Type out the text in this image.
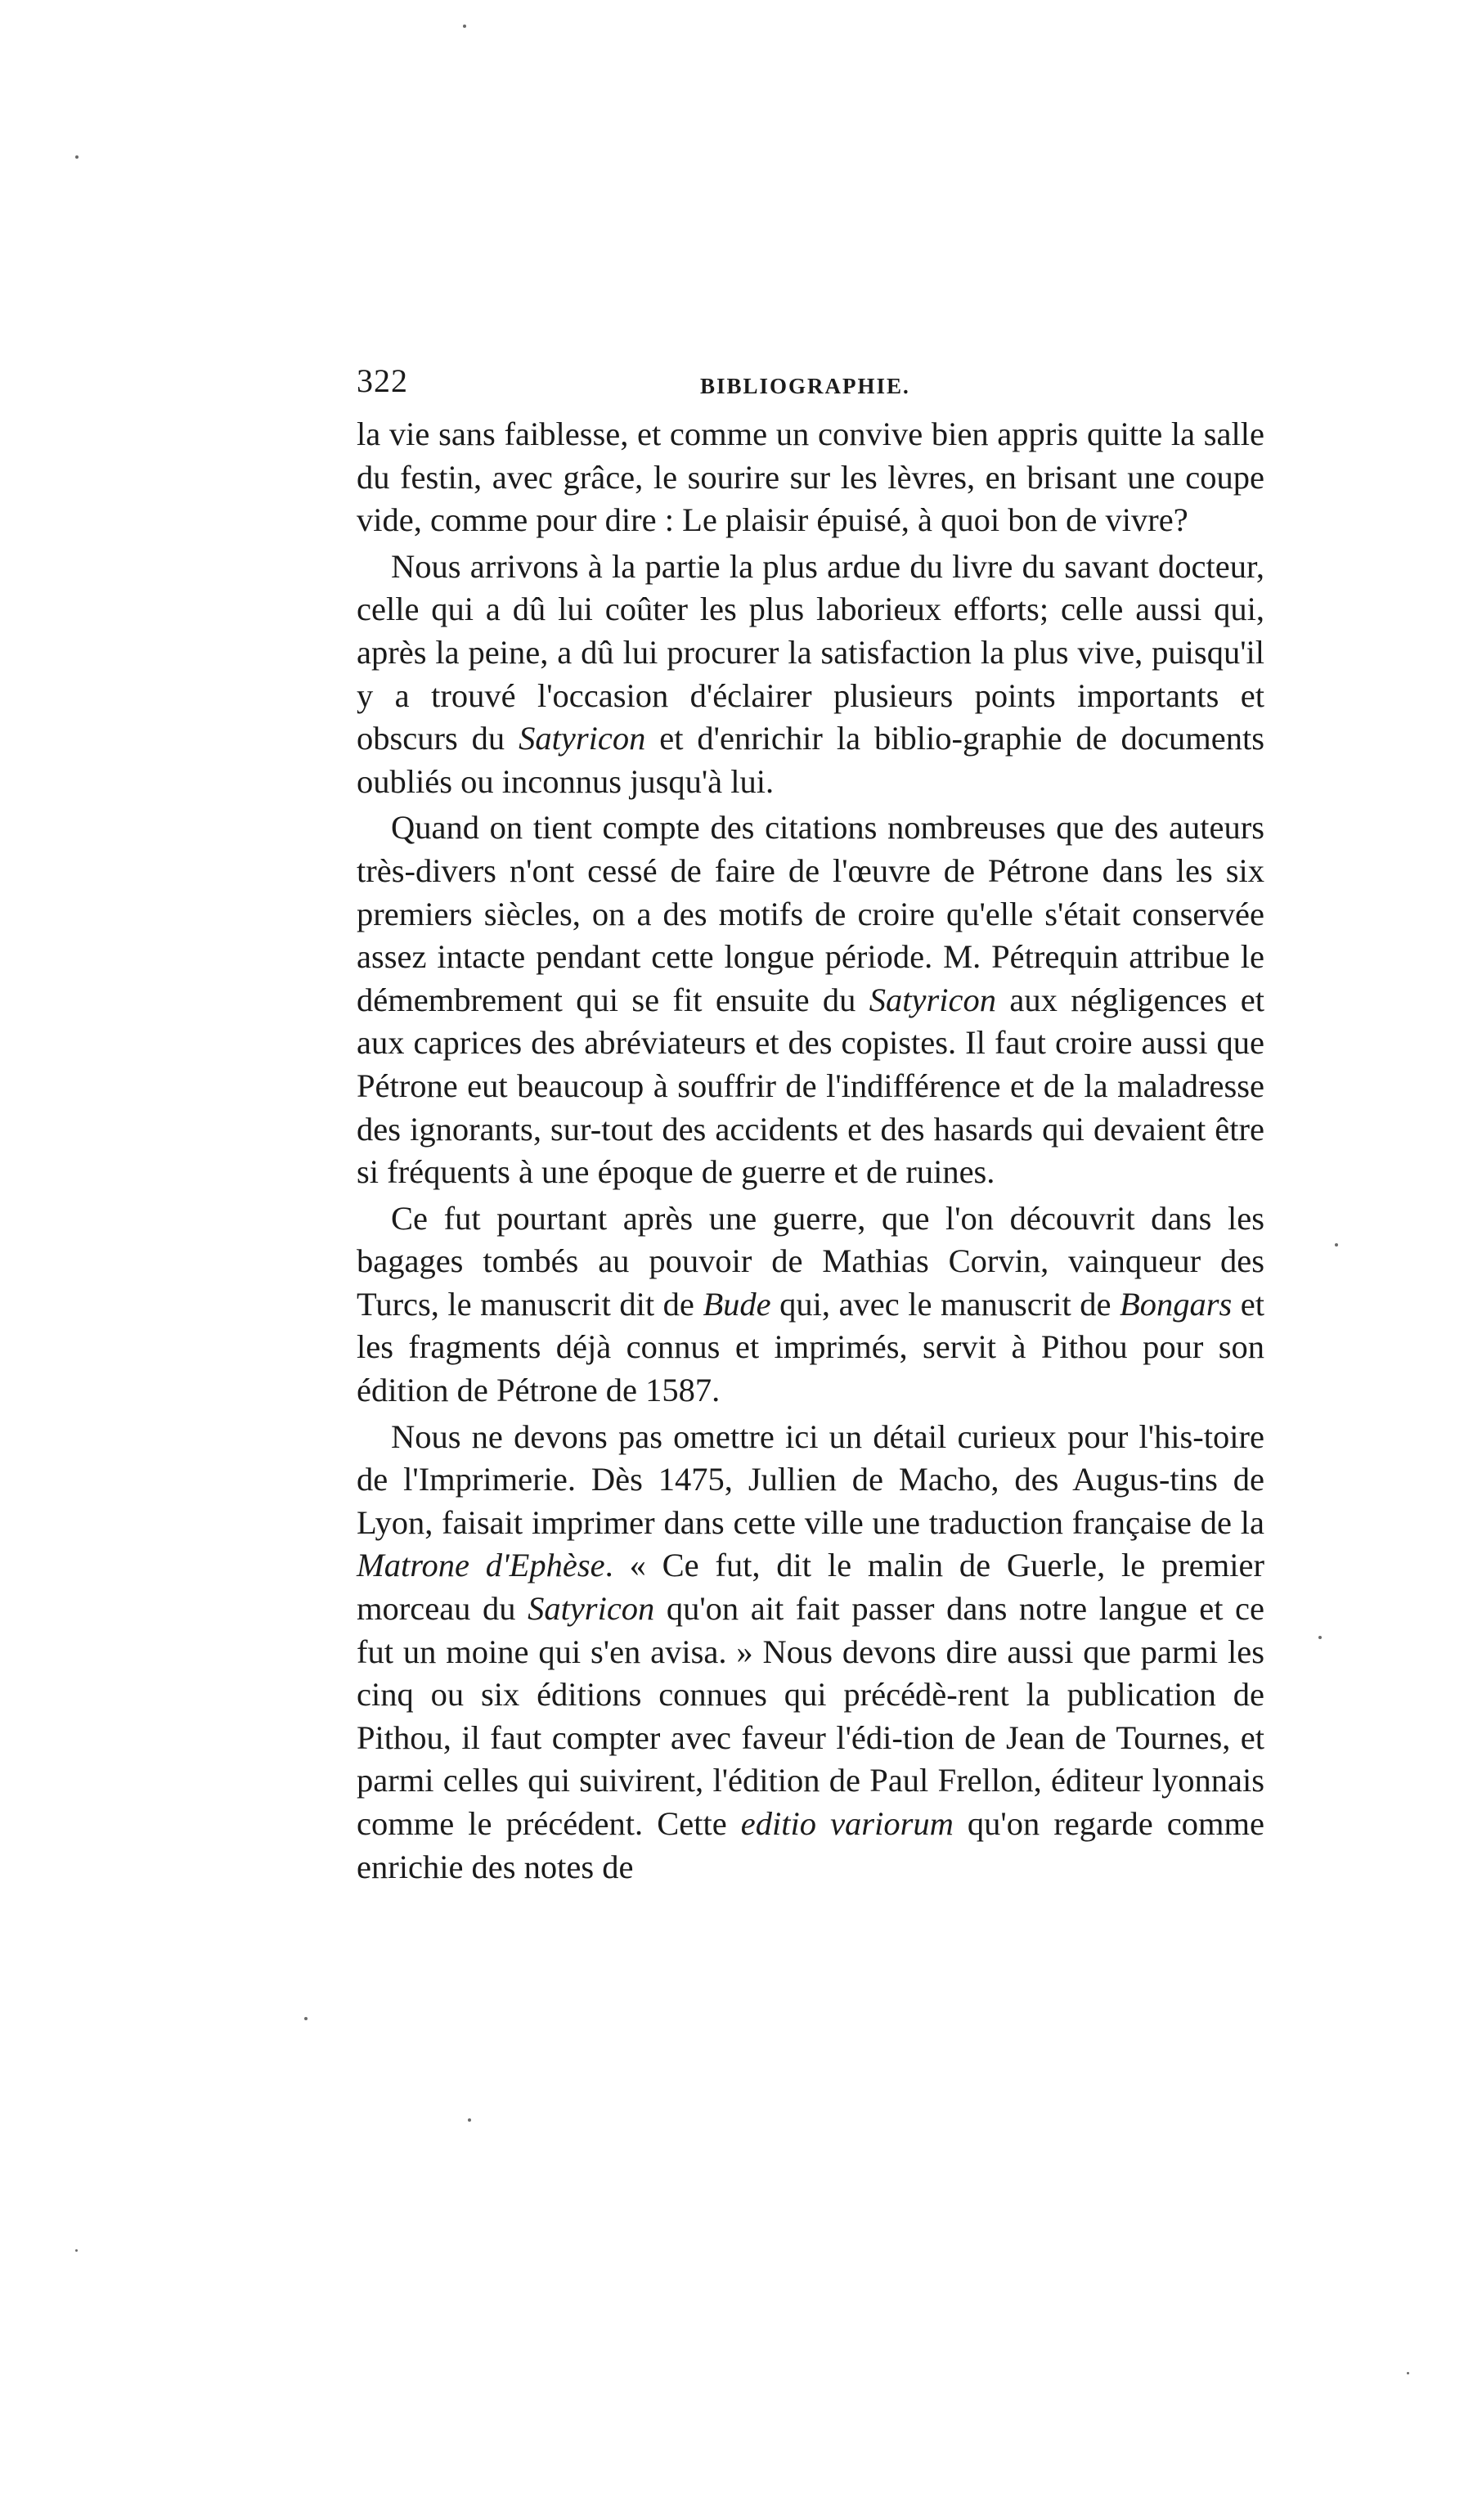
322	BIBLIOGRAPHIE.

la vie sans faiblesse, et comme un convive bien appris quitte la salle du festin, avec grâce, le sourire sur les lèvres, en brisant une coupe vide, comme pour dire : Le plaisir épuisé, à quoi bon de vivre?

Nous arrivons à la partie la plus ardue du livre du savant docteur, celle qui a dû lui coûter les plus laborieux efforts; celle aussi qui, après la peine, a dû lui procurer la satisfaction la plus vive, puisqu'il y a trouvé l'occasion d'éclairer plusieurs points importants et obscurs du Satyricon et d'enrichir la biblio-graphie de documents oubliés ou inconnus jusqu'à lui.

Quand on tient compte des citations nombreuses que des auteurs très-divers n'ont cessé de faire de l'œuvre de Pétrone dans les six premiers siècles, on a des motifs de croire qu'elle s'était conservée assez intacte pendant cette longue période. M. Pétrequin attribue le démembrement qui se fit ensuite du Satyricon aux négligences et aux caprices des abréviateurs et des copistes. Il faut croire aussi que Pétrone eut beaucoup à souffrir de l'indifférence et de la maladresse des ignorants, sur-tout des accidents et des hasards qui devaient être si fréquents à une époque de guerre et de ruines.

Ce fut pourtant après une guerre, que l'on découvrit dans les bagages tombés au pouvoir de Mathias Corvin, vainqueur des Turcs, le manuscrit dit de Bude qui, avec le manuscrit de Bongars et les fragments déjà connus et imprimés, servit à Pithou pour son édition de Pétrone de 1587.

Nous ne devons pas omettre ici un détail curieux pour l'his-toire de l'Imprimerie. Dès 1475, Jullien de Macho, des Augus-tins de Lyon, faisait imprimer dans cette ville une traduction française de la Matrone d'Ephèse. « Ce fut, dit le malin de Guerle, le premier morceau du Satyricon qu'on ait fait passer dans notre langue et ce fut un moine qui s'en avisa. » Nous devons dire aussi que parmi les cinq ou six éditions connues qui précédè-rent la publication de Pithou, il faut compter avec faveur l'édi-tion de Jean de Tournes, et parmi celles qui suivirent, l'édition de Paul Frellon, éditeur lyonnais comme le précédent. Cette editio variorum qu'on regarde comme enrichie des notes de
